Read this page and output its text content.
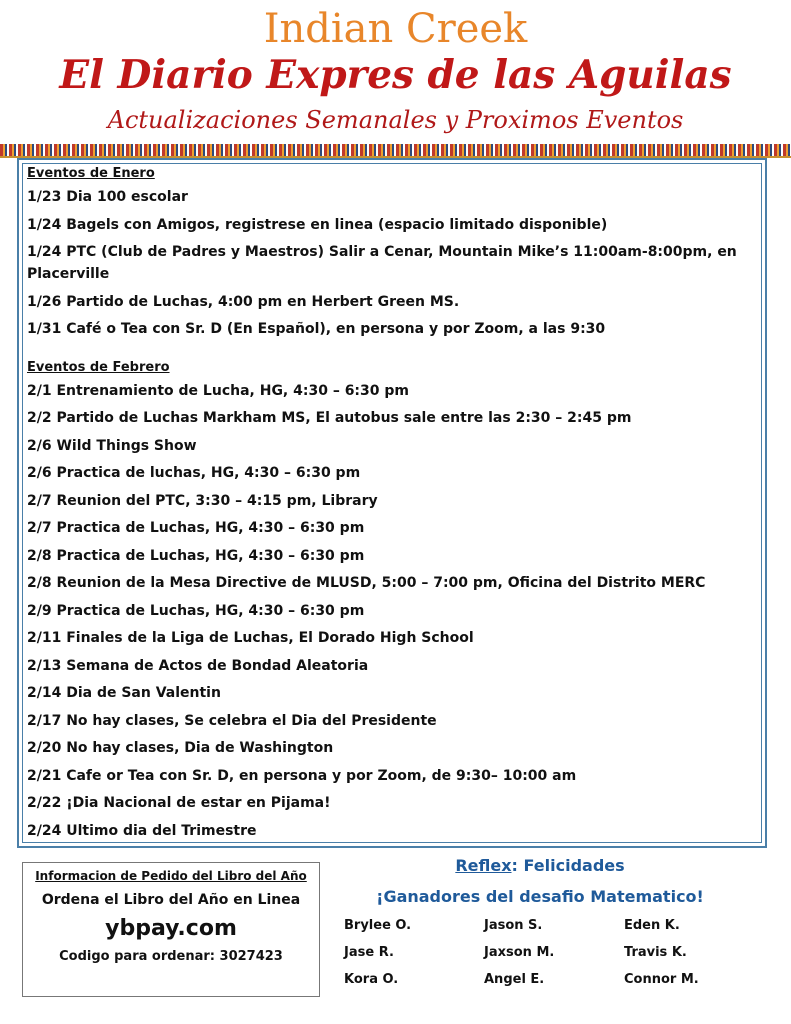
Indian Creek
El Diario Expres de las Aguilas
Actualizaciones Semanales y Proximos Eventos
Eventos de Enero
1/23 Dia 100 escolar
1/24 Bagels con Amigos, registrese en linea (espacio limitado disponible)
1/24 PTC (Club de Padres y Maestros) Salir a Cenar, Mountain Mike’s 11:00am-8:00pm, en Placerville
1/26 Partido de Luchas, 4:00 pm en Herbert Green MS.
1/31 Café o Tea con Sr. D (En Español), en persona y por Zoom, a las 9:30
Eventos de Febrero
2/1 Entrenamiento de Lucha, HG, 4:30 – 6:30 pm
2/2 Partido de Luchas Markham MS, El autobus sale entre las 2:30 – 2:45 pm
2/6 Wild Things Show
2/6 Practica de luchas, HG, 4:30 – 6:30 pm
2/7 Reunion del PTC, 3:30 – 4:15 pm, Library
2/7 Practica de Luchas, HG, 4:30 – 6:30 pm
2/8 Practica de Luchas, HG, 4:30 – 6:30 pm
2/8 Reunion de la Mesa Directive de MLUSD, 5:00 – 7:00 pm, Oficina del Distrito MERC
2/9 Practica de Luchas, HG, 4:30 – 6:30 pm
2/11 Finales de la Liga de Luchas, El Dorado High School
2/13 Semana de Actos de Bondad Aleatoria
2/14 Dia de San Valentin
2/17 No hay clases, Se celebra el Dia del Presidente
2/20 No hay clases, Dia de Washington
2/21 Cafe or Tea con Sr. D, en persona y por Zoom, de 9:30– 10:00 am
2/22 ¡Dia Nacional de estar en Pijama!
2/24 Ultimo dia del Trimestre
Informacion de Pedido del Libro del Año
Ordena el Libro del Año en Linea
ybpay.com
Codigo para ordenar: 3027423
Reflex: Felicidades
¡Ganadores del desafio Matematico!
Brylee O.	Jason S.	Eden K.
Jase R.	Jaxson M.	Travis K.
Kora O.	Angel E.	Connor M.
